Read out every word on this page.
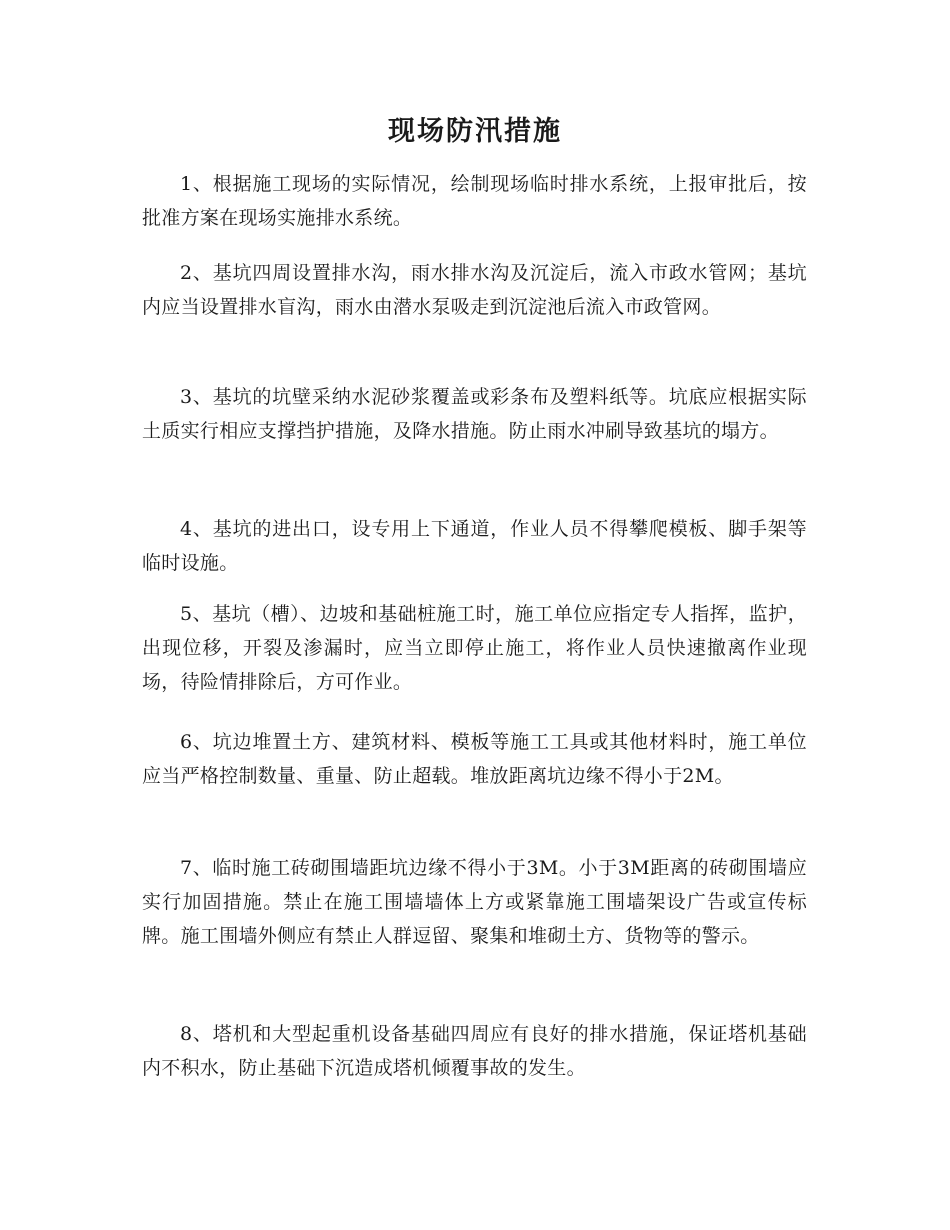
现场防汛措施

1、根据施工现场的实际情况，绘制现场临时排水系统，上报审批后，按批准方案在现场实施排水系统。

2、基坑四周设置排水沟，雨水排水沟及沉淀后，流入市政水管网；基坑内应当设置排水盲沟，雨水由潜水泵吸走到沉淀池后流入市政管网。

3、基坑的坑壁采纳水泥砂浆覆盖或彩条布及塑料纸等。坑底应根据实际土质实行相应支撑挡护措施，及降水措施。防止雨水冲刷导致基坑的塌方。

4、基坑的进出口，设专用上下通道，作业人员不得攀爬模板、脚手架等临时设施。

5、基坑（槽）、边坡和基础桩施工时，施工单位应指定专人指挥，监护，出现位移，开裂及渗漏时，应当立即停止施工，将作业人员快速撤离作业现场，待险情排除后，方可作业。

6、坑边堆置土方、建筑材料、模板等施工工具或其他材料时，施工单位应当严格控制数量、重量、防止超载。堆放距离坑边缘不得小于2M。

7、临时施工砖砌围墙距坑边缘不得小于3M。小于3M距离的砖砌围墙应实行加固措施。禁止在施工围墙墙体上方或紧靠施工围墙架设广告或宣传标牌。施工围墙外侧应有禁止人群逗留、聚集和堆砌土方、货物等的警示。

8、塔机和大型起重机设备基础四周应有良好的排水措施，保证塔机基础内不积水，防止基础下沉造成塔机倾覆事故的发生。
